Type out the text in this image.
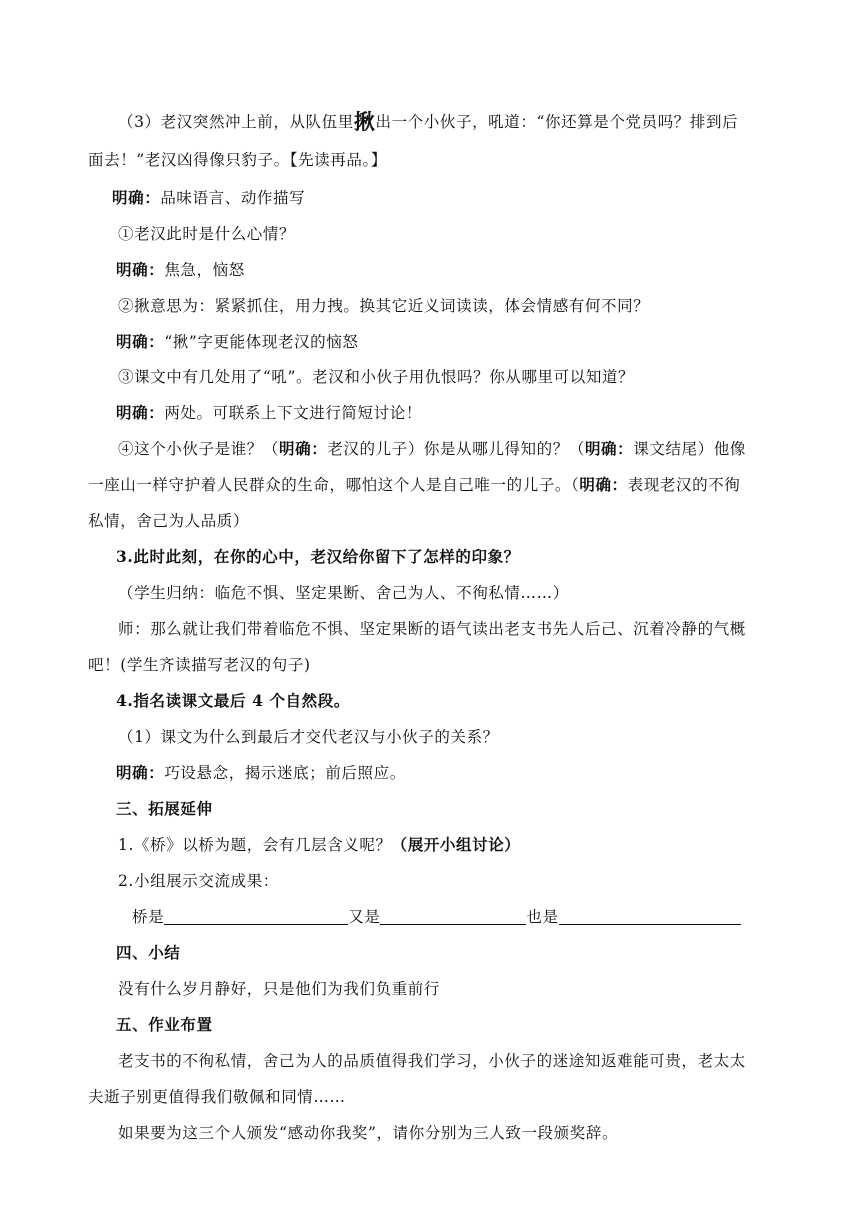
（3）老汉突然冲上前，从队伍里揪出一个小伙子，吼道：“你还算是个党员吗？排到后
面去！”老汉凶得像只豹子。【先读再品。】
明确：品味语言、动作描写
①老汉此时是什么心情？
明确：焦急，恼怒
②揪意思为：紧紧抓住，用力拽。换其它近义词读读，体会情感有何不同？
明确：“揪”字更能体现老汉的恼怒
③课文中有几处用了“吼”。老汉和小伙子用仇恨吗？你从哪里可以知道？
明确：两处。可联系上下文进行简短讨论！
④这个小伙子是谁？（明确：老汉的儿子）你是从哪儿得知的？（明确：课文结尾）他像
一座山一样守护着人民群众的生命，哪怕这个人是自己唯一的儿子。（明确：表现老汉的不徇
私情，舍己为人品质）
3.此时此刻，在你的心中，老汉给你留下了怎样的印象？
（学生归纳：临危不惧、坚定果断、舍己为人、不徇私情……）
师：那么就让我们带着临危不惧、坚定果断的语气读出老支书先人后己、沉着冷静的气概
吧！(学生齐读描写老汉的句子)
4.指名读课文最后 4 个自然段。
（1）课文为什么到最后才交代老汉与小伙子的关系？
明确：巧设悬念，揭示迷底；前后照应。
三、拓展延伸
1.《桥》以桥为题，会有几层含义呢？（展开小组讨论）
2.小组展示交流成果：
桥是	又是	也是
四、小结
没有什么岁月静好，只是他们为我们负重前行
五、作业布置
老支书的不徇私情，舍己为人的品质值得我们学习，小伙子的迷途知返难能可贵，老太太
夫逝子别更值得我们敬佩和同情……
如果要为这三个人颁发“感动你我奖”，请你分别为三人致一段颁奖辞。
